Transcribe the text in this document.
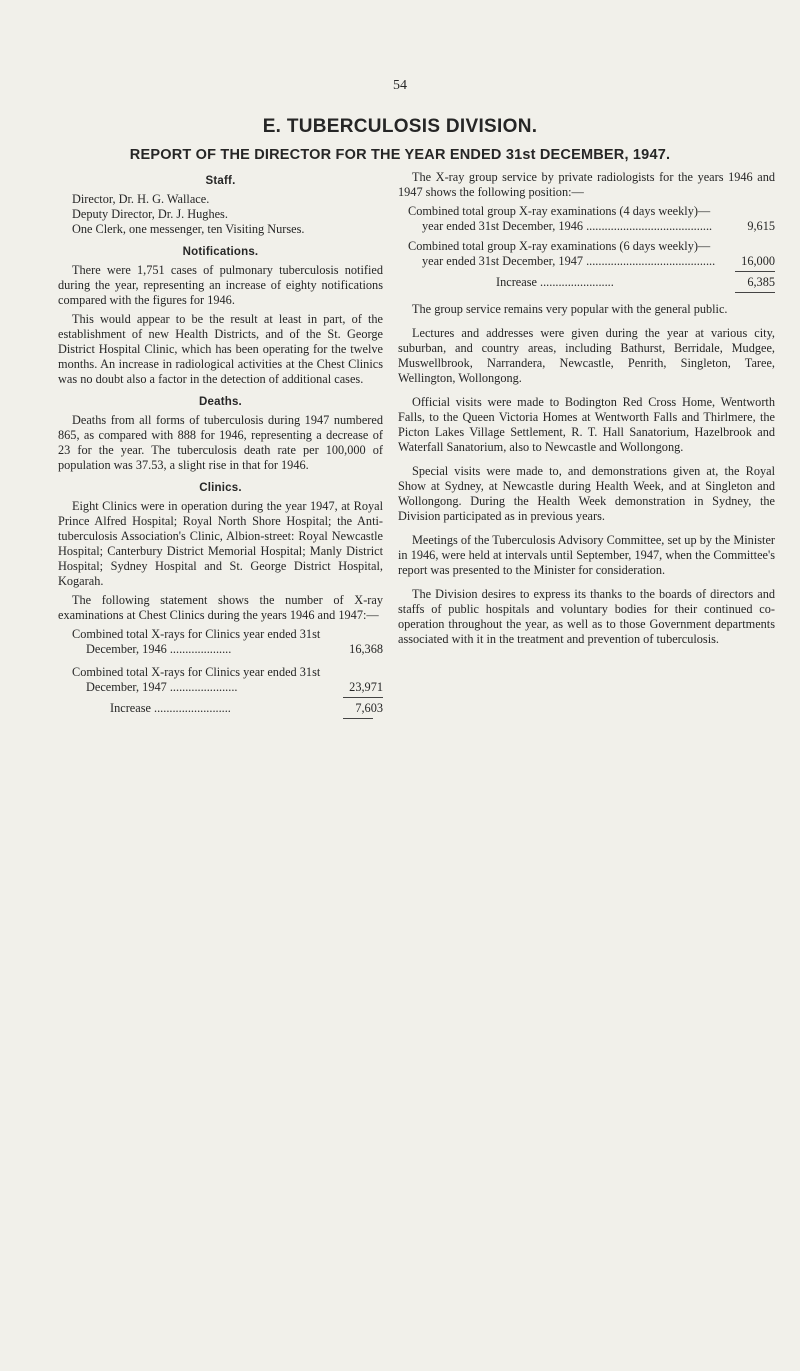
54
E. TUBERCULOSIS DIVISION.
REPORT OF THE DIRECTOR FOR THE YEAR ENDED 31st DECEMBER, 1947.
Staff.

Director, Dr. H. G. Wallace.

Deputy Director, Dr. J. Hughes.

One Clerk, one messenger, ten Visiting Nurses.

Notifications.

There were 1,751 cases of pulmonary tuberculosis notified during the year, representing an increase of eighty notifications compared with the figures for 1946.

This would appear to be the result at least in part, of the establishment of new Health Districts, and of the St. George District Hospital Clinic, which has been operating for the twelve months. An increase in radiological activities at the Chest Clinics was no doubt also a factor in the detection of additional cases.

Deaths.

Deaths from all forms of tuberculosis during 1947 numbered 865, as compared with 888 for 1946, representing a decrease of 23 for the year. The tuberculosis death rate per 100,000 of population was 37.53, a slight rise in that for 1946.

Clinics.

Eight Clinics were in operation during the year 1947, at Royal Prince Alfred Hospital; Royal North Shore Hospital; the Anti-tuberculosis Association's Clinic, Albion-street: Royal Newcastle Hospital; Canterbury District Memorial Hospital; Manly District Hospital; Sydney Hospital and St. George District Hospital, Kogarah.

The following statement shows the number of X-ray examinations at Chest Clinics during the years 1946 and 1947:—

Combined total X-rays for Clinics year ended 31st December, 1946 ....................	16,368
Combined total X-rays for Clinics year ended 31st December, 1947 ......................	23,971
Increase .........................	7,603

The X-ray group service by private radiologists for the years 1946 and 1947 shows the following position:—

Combined total group X-ray examinations (4 days weekly)—year ended 31st December, 1946 .........................................	9,615
Combined total group X-ray examinations (6 days weekly)—year ended 31st December, 1947 ..........................................	16,000
Increase ........................	6,385

The group service remains very popular with the general public.

Lectures and addresses were given during the year at various city, suburban, and country areas, including Bathurst, Berridale, Mudgee, Muswellbrook, Narrandera, Newcastle, Penrith, Singleton, Taree, Wellington, Wollongong.

Official visits were made to Bodington Red Cross Home, Wentworth Falls, to the Queen Victoria Homes at Wentworth Falls and Thirlmere, the Picton Lakes Village Settlement, R. T. Hall Sanatorium, Hazelbrook and Waterfall Sanatorium, also to Newcastle and Wollongong.

Special visits were made to, and demonstrations given at, the Royal Show at Sydney, at Newcastle during Health Week, and at Singleton and Wollongong. During the Health Week demonstration in Sydney, the Division participated as in previous years.

Meetings of the Tuberculosis Advisory Committee, set up by the Minister in 1946, were held at intervals until September, 1947, when the Committee's report was presented to the Minister for consideration.

The Division desires to express its thanks to the boards of directors and staffs of public hospitals and voluntary bodies for their continued co-operation throughout the year, as well as to those Government departments associated with it in the treatment and prevention of tuberculosis.
